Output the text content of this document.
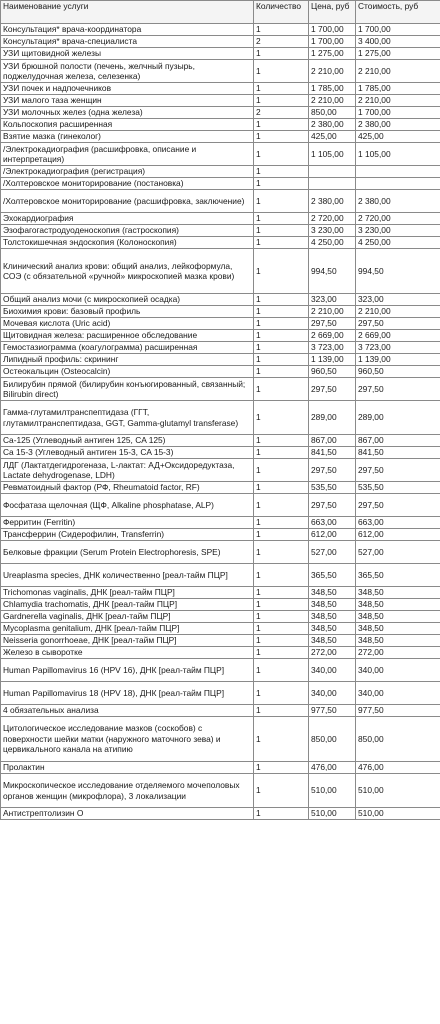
Наименование услуги	Количество	Цена, руб	Стоимость, руб
Консультация* врача-координатора	1	1 700,00	1 700,00
Консультация* врача-специалиста	2	1 700,00	3 400,00
УЗИ щитовидной железы	1	1 275,00	1 275,00
УЗИ брюшной полости (печень, желчный пузырь, поджелудочная железа, селезенка)	1	2 210,00	2 210,00
УЗИ почек и надпочечников	1	1 785,00	1 785,00
УЗИ малого таза женщин	1	2 210,00	2 210,00
УЗИ молочных желез (одна железа)	2	850,00	1 700,00
Кольпоскопия расширенная	1	2 380,00	2 380,00
Взятие мазка (гинеколог)	1	425,00	425,00
/Электрокадиография (расшифровка, описание и интерпретация)	1	1 105,00	1 105,00
/Электрокадиография (регистрация)	1		
/Холтеровское мониторирование (постановка)	1		
/Холтеровское мониторирование (расшифровка, заключение)	1	2 380,00	2 380,00
Эхокардиография	1	2 720,00	2 720,00
Эзофагогастродуоденоскопия (гастроскопия)	1	3 230,00	3 230,00
Толстокишечная эндоскопия (Колоноскопия)	1	4 250,00	4 250,00
Клинический анализ крови: общий анализ, лейкоформула, СОЭ (с обязательной «ручной» микроскопией мазка крови)	1	994,50	994,50
Общий анализ мочи (с микроскопией осадка)	1	323,00	323,00
Биохимия крови: базовый профиль	1	2 210,00	2 210,00
Мочевая кислота (Uric acid)	1	297,50	297,50
Щитовидная железа: расширенное обследование	1	2 669,00	2 669,00
Гемостазиограмма (коагулограмма) расширенная	1	3 723,00	3 723,00
Липидный профиль: скрининг	1	1 139,00	1 139,00
Остеокальцин (Osteocalcin)	1	960,50	960,50
Билирубин прямой (билирубин конъюгированный, связанный; Bilirubin direct)	1	297,50	297,50
Гамма-глутамилтранспептидаза (ГГТ, глутамилтранспептидаза, GGT, Gamma-glutamyl transferase)	1	289,00	289,00
Ca-125 (Углеводный антиген 125, CA 125)	1	867,00	867,00
Ca 15-3 (Углеводный антиген 15-3, CA 15-3)	1	841,50	841,50
ЛДГ (Лактатдегидрогеназа, L-лактат: АД+Оксидоредуктаза, Lactate dehydrogenase, LDH)	1	297,50	297,50
Ревматоидный фактор (РФ, Rheumatoid factor, RF)	1	535,50	535,50
Фосфатаза щелочная (ЩФ, Alkaline phosphatase, ALP)	1	297,50	297,50
Ферритин (Ferritin)	1	663,00	663,00
Трансферрин (Сидерофилин, Transferrin)	1	612,00	612,00
Белковые фракции (Serum Protein Electrophoresis, SPE)	1	527,00	527,00
Ureaplasma species, ДНК количественно [реал-тайм ПЦР]	1	365,50	365,50
Trichomonas vaginalis, ДНК [реал-тайм ПЦР]	1	348,50	348,50
Chlamydia trachomatis, ДНК [реал-тайм ПЦР]	1	348,50	348,50
Gardnerella vaginalis, ДНК [реал-тайм ПЦР]	1	348,50	348,50
Mycoplasma genitalium, ДНК [реал-тайм ПЦР]	1	348,50	348,50
Neisseria gonorrhoeae, ДНК [реал-тайм ПЦР]	1	348,50	348,50
Железо в сыворотке	1	272,00	272,00
Human Papillomavirus 16 (HPV 16), ДНК [реал-тайм ПЦР]	1	340,00	340,00
Human Papillomavirus 18 (HPV 18), ДНК [реал-тайм ПЦР]	1	340,00	340,00
4 обязательных анализа	1	977,50	977,50
Цитологическое исследование мазков (соскобов) с поверхности шейки матки (наружного маточного зева) и цервикального канала на атипию	1	850,00	850,00
Пролактин	1	476,00	476,00
Микроскопическое исследование отделяемого мочеполовых органов женщин (микрофлора), 3 локализации	1	510,00	510,00
Антистрептолизин О	1	510,00	510,00
